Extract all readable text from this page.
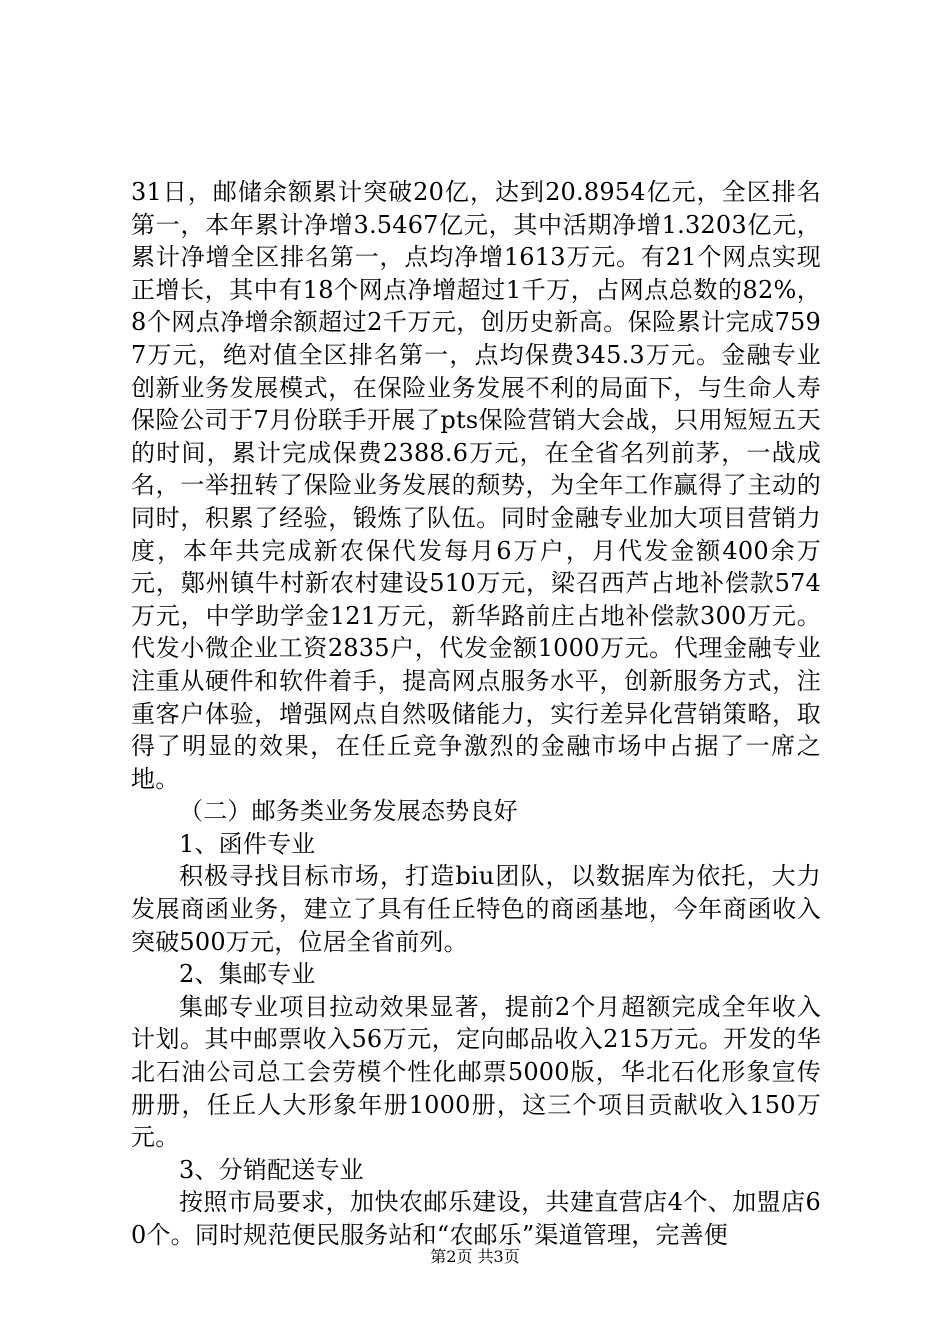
31日，邮储余额累计突破20亿，达到20.8954亿元，全区排名第一，本年累计净增3.5467亿元，其中活期净增1.3203亿元，累计净增全区排名第一，点均净增1613万元。有21个网点实现正增长，其中有18个网点净增超过1千万，占网点总数的82%，8个网点净增余额超过2千万元，创历史新高。保险累计完成7597万元，绝对值全区排名第一，点均保费345.3万元。金融专业创新业务发展模式，在保险业务发展不利的局面下，与生命人寿保险公司于7月份联手开展了pts保险营销大会战，只用短短五天的时间，累计完成保费2388.6万元，在全省名列前茅，一战成名，一举扭转了保险业务发展的颓势，为全年工作赢得了主动的同时，积累了经验，锻炼了队伍。同时金融专业加大项目营销力度，本年共完成新农保代发每月6万户，月代发金额400余万元，鄚州镇牛村新农村建设510万元，梁召西芦占地补偿款574万元，中学助学金121万元，新华路前庄占地补偿款300万元。代发小微企业工资2835户，代发金额1000万元。代理金融专业注重从硬件和软件着手，提高网点服务水平，创新服务方式，注重客户体验，增强网点自然吸储能力，实行差异化营销策略，取得了明显的效果，在任丘竞争激烈的金融市场中占据了一席之地。

（二）邮务类业务发展态势良好

1、函件专业

积极寻找目标市场，打造biu团队，以数据库为依托，大力发展商函业务，建立了具有任丘特色的商函基地，今年商函收入突破500万元，位居全省前列。

2、集邮专业

集邮专业项目拉动效果显著，提前2个月超额完成全年收入计划。其中邮票收入56万元，定向邮品收入215万元。开发的华北石油公司总工会劳模个性化邮票5000版，华北石化形象宣传册册，任丘人大形象年册1000册，这三个项目贡献收入150万元。

3、分销配送专业

按照市局要求，加快农邮乐建设，共建直营店4个、加盟店60个。同时规范便民服务站和“农邮乐”渠道管理，完善便

第2页 共3页
